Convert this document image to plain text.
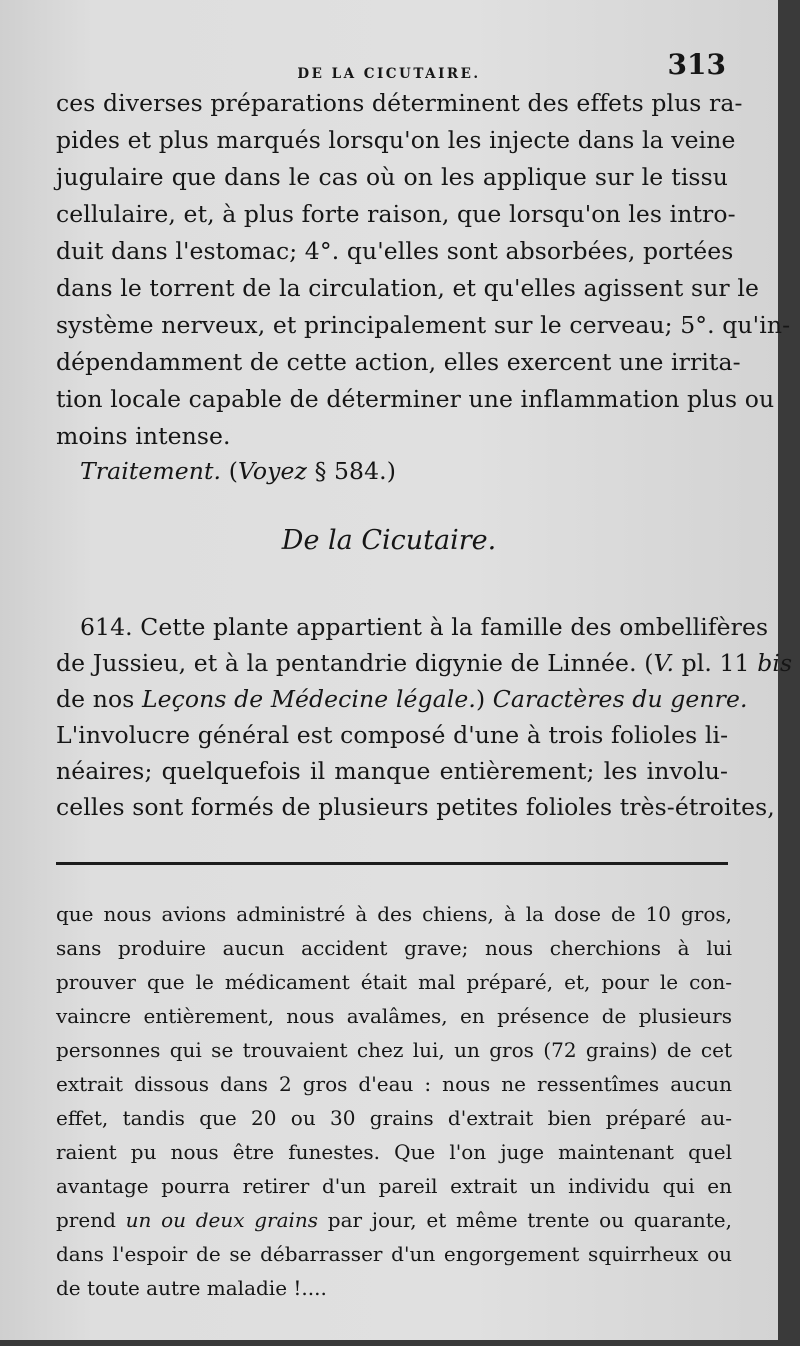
DE LA CICUTAIRE.	313
ces diverses préparations déterminent des effets plus ra-
pides et plus marqués lorsqu'on les injecte dans la veine
jugulaire que dans le cas où on les applique sur le tissu
cellulaire, et, à plus forte raison, que lorsqu'on les intro-
duit dans l'estomac; 4°. qu'elles sont absorbées, portées
dans le torrent de la circulation, et qu'elles agissent sur le
système nerveux, et principalement sur le cerveau; 5°. qu'in-
dépendamment de cette action, elles exercent une irrita-
tion locale capable de déterminer une inflammation plus ou
moins intense.
Traitement. (Voyez § 584.)
De la Cicutaire.
614. Cette plante appartient à la famille des ombellifères
de Jussieu, et à la pentandrie digynie de Linnée. (V. pl. 11 bis
de nos Leçons de Médecine légale.) Caractères du genre.
L'involucre général est composé d'une à trois folioles li-
néaires; quelquefois il manque entièrement; les involu-
celles sont formés de plusieurs petites folioles très-étroites,
que nous avions administré à des chiens, à la dose de 10 gros,
sans produire aucun accident grave; nous cherchions à lui
prouver que le médicament était mal préparé, et, pour le con-
vaincre entièrement, nous avalâmes, en présence de plusieurs
personnes qui se trouvaient chez lui, un gros (72 grains) de cet
extrait dissous dans 2 gros d'eau : nous ne ressentîmes aucun
effet, tandis que 20 ou 30 grains d'extrait bien préparé au-
raient pu nous être funestes. Que l'on juge maintenant quel
avantage pourra retirer d'un pareil extrait un individu qui en
prend un ou deux grains par jour, et même trente ou quarante,
dans l'espoir de se débarrasser d'un engorgement squirrheux ou
de toute autre maladie !....
